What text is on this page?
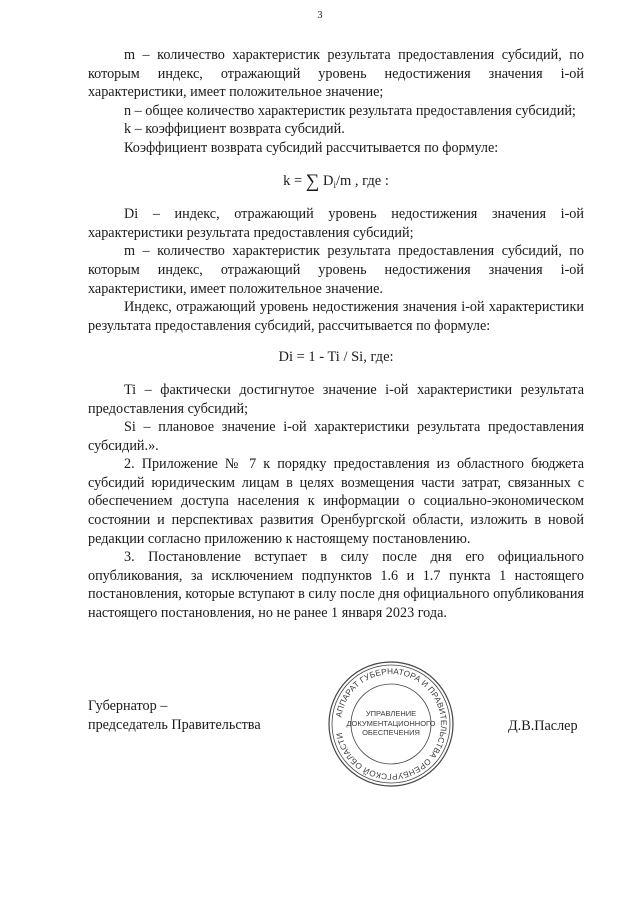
3

m – количество характеристик результата предоставления субсидий, по которым индекс, отражающий уровень недостижения значения i-ой характеристики, имеет положительное значение;

n – общее количество характеристик результата предоставления субсидий;

k – коэффициент возврата субсидий.

Коэффициент возврата субсидий рассчитывается по формуле:

k = ∑ $D_i/m$ , где :

Di – индекс, отражающий уровень недостижения значения i-ой характеристики результата предоставления субсидий;

m – количество характеристик результата предоставления субсидий, по которым индекс, отражающий уровень недостижения значения i-ой характеристики, имеет положительное значение.

Индекс, отражающий уровень недостижения значения i-ой характеристики результата предоставления субсидий, рассчитывается по формуле:

Di = 1 - Ti / Si, где:

Ti – фактически достигнутое значение i-ой характеристики результата предоставления субсидий;

Si – плановое значение i-ой характеристики результата предоставления субсидий.».

2. Приложение № 7 к порядку предоставления из областного бюджета субсидий юридическим лицам в целях возмещения части затрат, связанных с обеспечением доступа населения к информации о социально-экономическом состоянии и перспективах развития Оренбургской области, изложить в новой редакции согласно приложению к настоящему постановлению.

3. Постановление вступает в силу после дня его официального опубликования, за исключением подпунктов 1.6 и 1.7 пункта 1 настоящего постановления, которые вступают в силу после дня официального опубликования настоящего постановления, но не ранее 1 января 2023 года.

Губернатор –
председатель Правительства
АППАРАТ ГУБЕРНАТОРА И ПРАВИТЕЛЬСТВА ОРЕНБУРГСКОЙ ОБЛАСТИ
УПРАВЛЕНИЕ
ДОКУМЕНТАЦИОННОГО
ОБЕСПЕЧЕНИЯ	Д.В.Паслер
